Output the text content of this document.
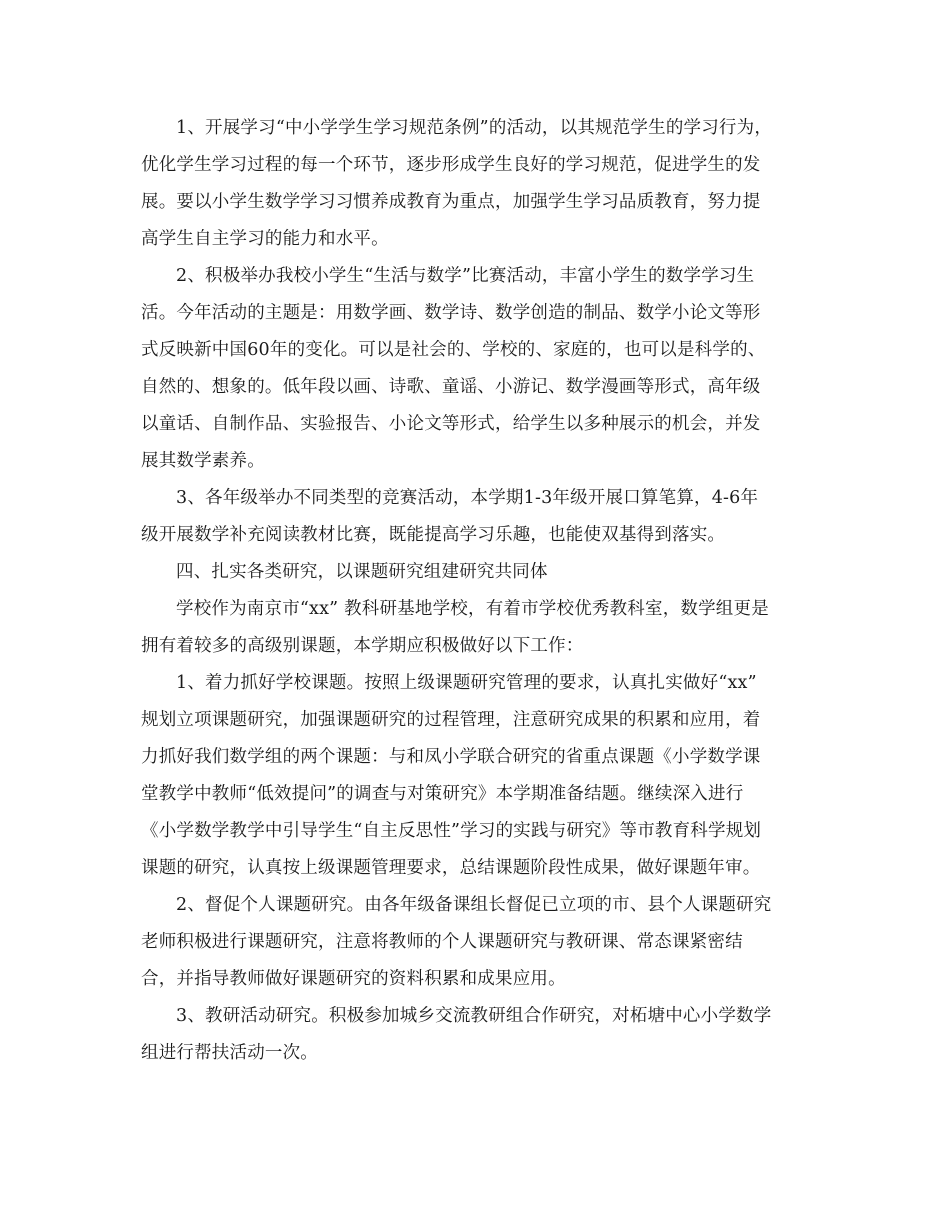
1、开展学习“中小学学生学习规范条例”的活动，以其规范学生的学习行为，
优化学生学习过程的每一个环节，逐步形成学生良好的学习规范，促进学生的发
展。要以小学生数学学习习惯养成教育为重点，加强学生学习品质教育，努力提
高学生自主学习的能力和水平。
2、积极举办我校小学生“生活与数学”比赛活动，丰富小学生的数学学习生
活。今年活动的主题是：用数学画、数学诗、数学创造的制品、数学小论文等形
式反映新中国60年的变化。可以是社会的、学校的、家庭的，也可以是科学的、
自然的、想象的。低年段以画、诗歌、童谣、小游记、数学漫画等形式，高年级
以童话、自制作品、实验报告、小论文等形式，给学生以多种展示的机会，并发
展其数学素养。
3、各年级举办不同类型的竞赛活动，本学期1-3年级开展口算笔算，4-6年
级开展数学补充阅读教材比赛，既能提高学习乐趣，也能使双基得到落实。
四、扎实各类研究，以课题研究组建研究共同体
学校作为南京市“xx” 教科研基地学校，有着市学校优秀教科室，数学组更是
拥有着较多的高级别课题，本学期应积极做好以下工作：
1、着力抓好学校课题。按照上级课题研究管理的要求，认真扎实做好“xx”
规划立项课题研究，加强课题研究的过程管理，注意研究成果的积累和应用，着
力抓好我们数学组的两个课题：与和凤小学联合研究的省重点课题《小学数学课
堂教学中教师“低效提问”的调查与对策研究》本学期准备结题。继续深入进行
《小学数学教学中引导学生“自主反思性”学习的实践与研究》等市教育科学规划
课题的研究，认真按上级课题管理要求，总结课题阶段性成果，做好课题年审。
2、督促个人课题研究。由各年级备课组长督促已立项的市、县个人课题研究
老师积极进行课题研究，注意将教师的个人课题研究与教研课、常态课紧密结
合，并指导教师做好课题研究的资料积累和成果应用。
3、教研活动研究。积极参加城乡交流教研组合作研究，对柘塘中心小学数学
组进行帮扶活动一次。
